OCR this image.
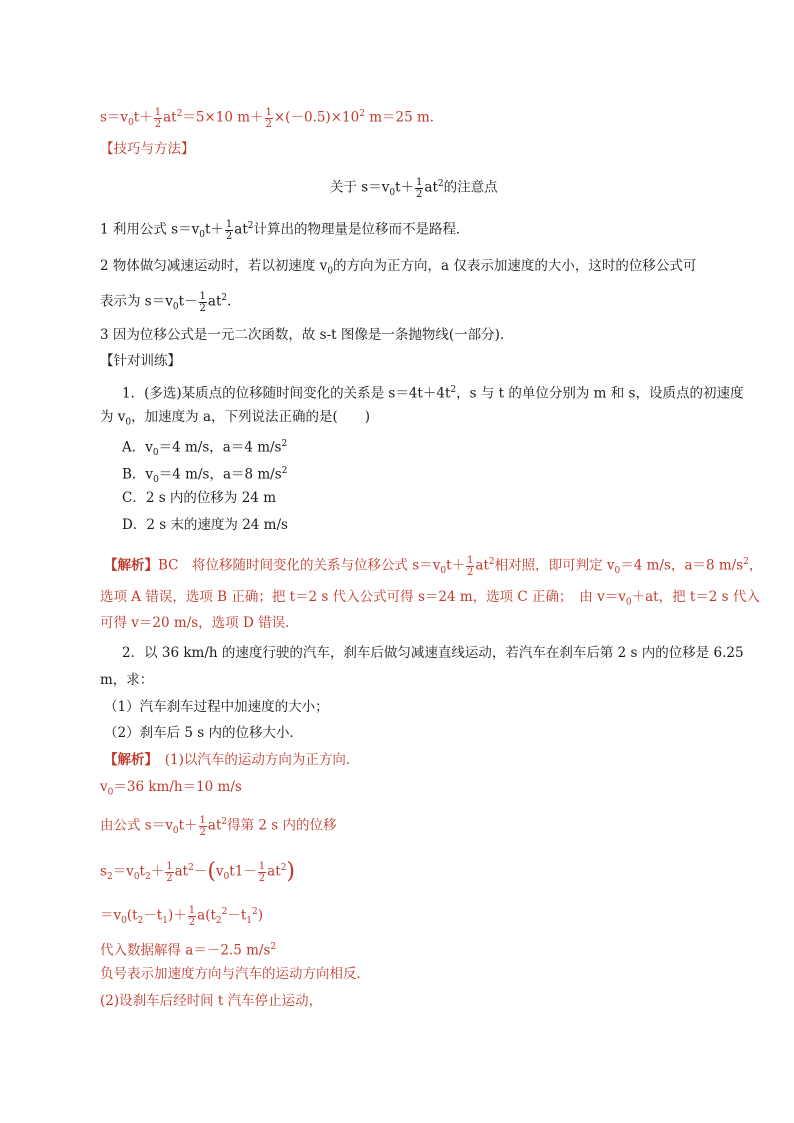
$s=v_0t+ \frac{1}{2} at^2=5\times 10$ $m+ \frac{1}{2} \times(-0.5)\times 10^2$ m＝25 m.
【技巧与方法】
关于 $s=v_0t+ \frac{1}{2} at^2$的注意点
1 利用公式 $s=v_0t+ \frac{1}{2} at^2$计算出的物理量是位移而不是路程．
2 物体做匀减速运动时，若以初速度 $v_0$的方向为正方向，a 仅表示加速度的大小，这时的位移公式可
表示为 $s=v_0t- \frac{1}{2} at^2$.
3 因为位移公式是一元二次函数，故 s-t 图像是一条抛物线(一部分)．
【针对训练】
1．(多选)某质点的位移随时间变化的关系是 $s=4t+4t^2$，s 与 t 的单位分别为 m 和 s，设质点的初速度
为 $v_0$，加速度为 a，下列说法正确的是(　　)
A．$v_0=4$ m/s，a＝4 $m/s^2$
B．$v_0=4$ m/s，a＝8 $m/s^2$
C．2 s 内的位移为 24 m
D．2 s 末的速度为 24 m/s
【解析】BC　将位移随时间变化的关系与位移公式 $s=v_0t+ \frac{1}{2} at^2$相对照，即可判定 $v_0=4$ m/s，a＝8 $m/s^2$，
选项 A 错误，选项 B 正确；把 t＝2 s 代入公式可得 s＝24 m，选项 C 正确；　由 $v=v_0+at$，把 t＝2 s 代入
可得 v＝20 m/s，选项 D 错误．
2．以 36 km/h 的速度行驶的汽车，刹车后做匀减速直线运动，若汽车在刹车后第 2 s 内的位移是 6.25
m，求：
（1）汽车刹车过程中加速度的大小；
（2）刹车后 5 s 内的位移大小．
【解析】　(1)以汽车的运动方向为正方向．
$v_0=36$ km/h＝10 m/s
由公式 $s=v_0t+ \frac{1}{2} at^2$得第 2 s 内的位移
$s_2=v_0t_2+ \frac{1}{2} at^2-(v_0t1- \frac{1}{2} at^2)$
$=v_0(t_2-t_1)+ \frac{1}{2} a(t_2^2-t_1^2)$
代入数据解得 a＝－2.5 $m/s^2$
负号表示加速度方向与汽车的运动方向相反．
(2)设刹车后经时间 t 汽车停止运动，
